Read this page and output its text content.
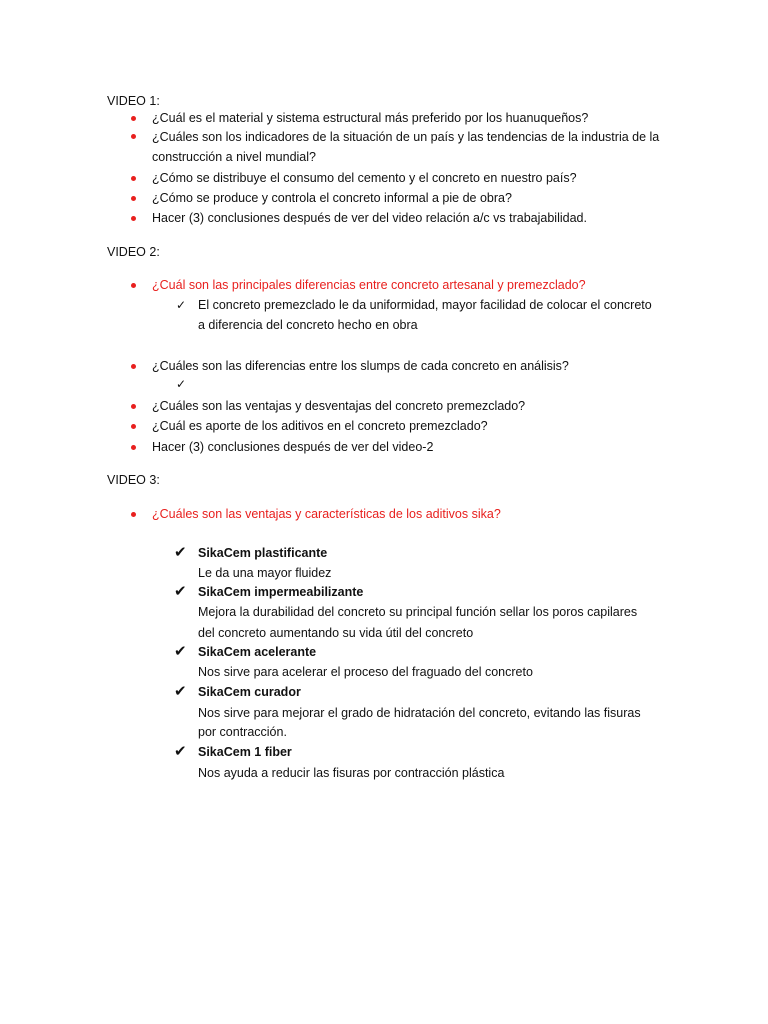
VIDEO 1:
¿Cuál es el material y sistema estructural más preferido por los huanuqueños?
¿Cuáles son los indicadores de la situación de un país y las tendencias de la industria de la
construcción a nivel mundial?
¿Cómo se distribuye el consumo del cemento y el concreto en nuestro país?
¿Cómo se produce y controla el concreto informal a pie de obra?
Hacer (3) conclusiones después de ver del video relación a/c vs trabajabilidad.
VIDEO 2:
¿Cuál son las principales diferencias entre concreto artesanal y premezclado?
✓ El concreto premezclado le da uniformidad, mayor facilidad de colocar el concreto
a diferencia del concreto hecho en obra
¿Cuáles son las diferencias entre los slumps de cada concreto en análisis?
✓
¿Cuáles son las ventajas y desventajas del concreto premezclado?
¿Cuál es aporte de los aditivos en el concreto premezclado?
Hacer (3) conclusiones después de ver del video-2
VIDEO 3:
¿Cuáles son las ventajas y características de los aditivos sika?
✔ SikaCem plastificante
Le da una mayor fluidez
✔ SikaCem impermeabilizante
Mejora la durabilidad del concreto su principal función sellar los poros capilares
del concreto aumentando su vida útil del concreto
✔ SikaCem acelerante
Nos sirve para acelerar el proceso del fraguado del concreto
✔ SikaCem curador
Nos sirve para mejorar el grado de hidratación del concreto, evitando las fisuras
por contracción.
✔ SikaCem 1 fiber
Nos ayuda a reducir las fisuras por contracción plástica
